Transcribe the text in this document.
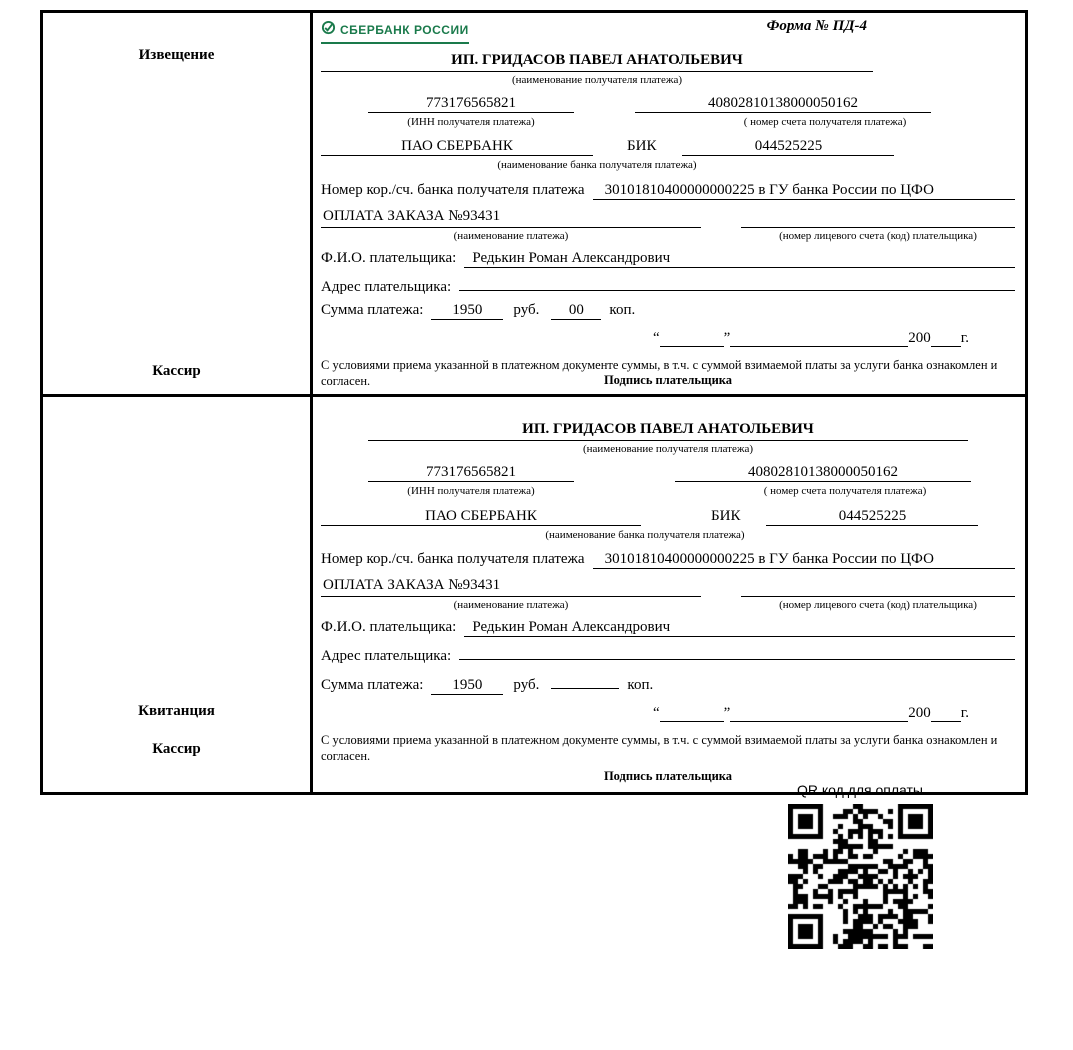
Извещение
Кассир
СБЕРБАНК РОССИИ	Форма № ПД-4
ИП. ГРИДАСОВ ПАВЕЛ АНАТОЛЬЕВИЧ
(наименование получателя платежа)
773176565821	40802810138000050162
(ИНН получателя платежа)	( номер счета получателя платежа)
ПАО СБЕРБАНК	БИК	044525225
(наименование банка получателя платежа)
Номер кор./сч. банка получателя платежа	30101810400000000225 в ГУ банка России по ЦФО
ОПЛАТА ЗАКАЗА №93431
(наименование платежа)	(номер лицевого счета (код) плательщика)
Ф.И.О. плательщика:	Редькин Роман Александрович
Адрес плательщика:
Сумма платежа:	1950	руб.	00	коп.
“	”	200 г.
С условиями приема указанной в платежном документе суммы, в т.ч. с суммой взимаемой платы за услуги банка ознакомлен и согласен.	Подпись плательщика
Квитанция
Кассир
ИП. ГРИДАСОВ ПАВЕЛ АНАТОЛЬЕВИЧ
(наименование получателя платежа)
773176565821	40802810138000050162
(ИНН получателя платежа)	( номер счета получателя платежа)
ПАО СБЕРБАНК	БИК	044525225
(наименование банка получателя платежа)
Номер кор./сч. банка получателя платежа	30101810400000000225 в ГУ банка России по ЦФО
ОПЛАТА ЗАКАЗА №93431
(наименование платежа)	(номер лицевого счета (код) плательщика)
Ф.И.О. плательщика:	Редькин Роман Александрович
Адрес плательщика:
Сумма платежа:	1950	руб.	коп.
“	”	200 г.
С условиями приема указанной в платежном документе суммы, в т.ч. с суммой взимаемой платы за услуги банка ознакомлен и согласен.
Подпись плательщика
QR код для оплаты
